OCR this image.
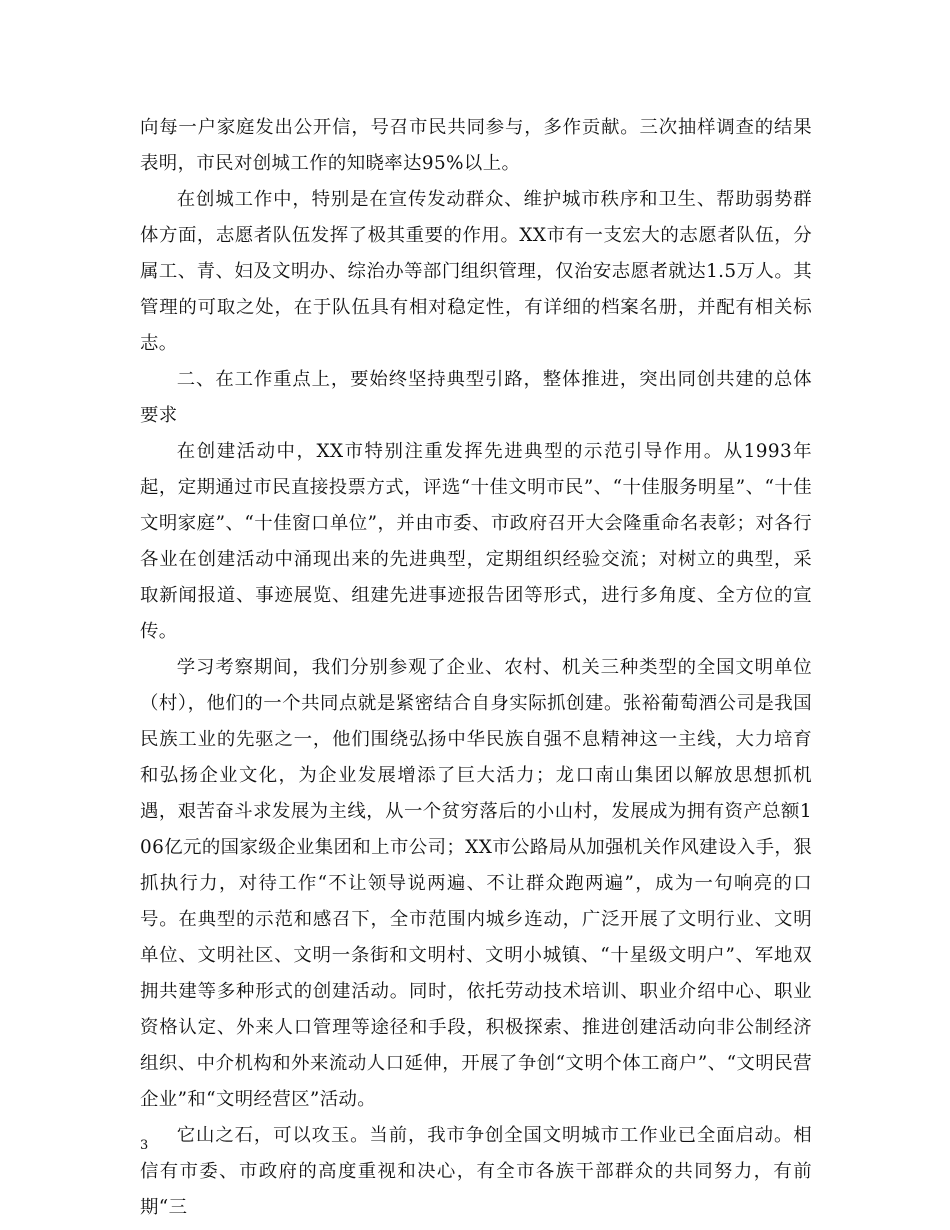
向每一户家庭发出公开信，号召市民共同参与，多作贡献。三次抽样调查的结果表明，市民对创城工作的知晓率达95%以上。

在创城工作中，特别是在宣传发动群众、维护城市秩序和卫生、帮助弱势群体方面，志愿者队伍发挥了极其重要的作用。XX市有一支宏大的志愿者队伍，分属工、青、妇及文明办、综治办等部门组织管理，仅治安志愿者就达1.5万人。其管理的可取之处，在于队伍具有相对稳定性，有详细的档案名册，并配有相关标志。

二、在工作重点上，要始终坚持典型引路，整体推进，突出同创共建的总体要求

在创建活动中，XX市特别注重发挥先进典型的示范引导作用。从1993年起，定期通过市民直接投票方式，评选“十佳文明市民”、“十佳服务明星”、“十佳文明家庭”、“十佳窗口单位”，并由市委、市政府召开大会隆重命名表彰；对各行各业在创建活动中涌现出来的先进典型，定期组织经验交流；对树立的典型，采取新闻报道、事迹展览、组建先进事迹报告团等形式，进行多角度、全方位的宣传。

学习考察期间，我们分别参观了企业、农村、机关三种类型的全国文明单位（村），他们的一个共同点就是紧密结合自身实际抓创建。张裕葡萄酒公司是我国民族工业的先驱之一，他们围绕弘扬中华民族自强不息精神这一主线，大力培育和弘扬企业文化，为企业发展增添了巨大活力；龙口南山集团以解放思想抓机遇，艰苦奋斗求发展为主线，从一个贫穷落后的小山村，发展成为拥有资产总额106亿元的国家级企业集团和上市公司；XX市公路局从加强机关作风建设入手，狠抓执行力，对待工作“不让领导说两遍、不让群众跑两遍”，成为一句响亮的口号。在典型的示范和感召下，全市范围内城乡连动，广泛开展了文明行业、文明单位、文明社区、文明一条街和文明村、文明小城镇、“十星级文明户”、军地双拥共建等多种形式的创建活动。同时，依托劳动技术培训、职业介绍中心、职业资格认定、外来人口管理等途径和手段，积极探索、推进创建活动向非公制经济组织、中介机构和外来流动人口延伸，开展了争创“文明个体工商户”、“文明民营企业”和“文明经营区”活动。

它山之石，可以攻玉。当前，我市争创全国文明城市工作业已全面启动。相信有市委、市政府的高度重视和决心，有全市各族干部群众的共同努力，有前期“三

3
